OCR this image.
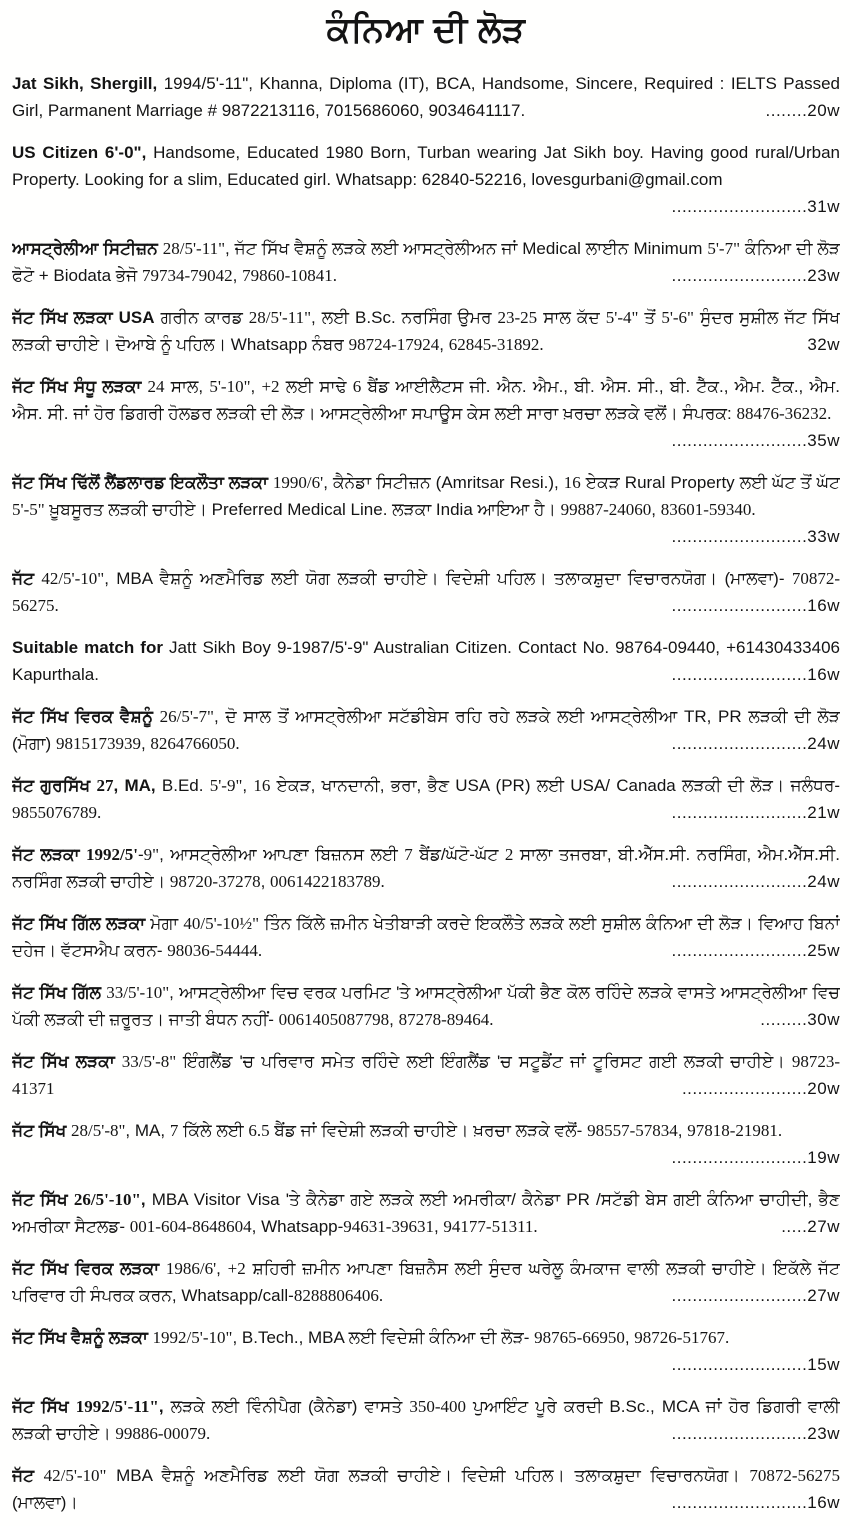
ਕੰਨਿਆ ਦੀ ਲੋੜ
Jat Sikh, Shergill, 1994/5'-11", Khanna, Diploma (IT), BCA, Handsome, Sincere, Required : IELTS Passed Girl, Parmanent Marriage # 9872213116, 7015686060, 9034641117.	........20w
US Citizen 6'-0", Handsome, Educated 1980 Born, Turban wearing Jat Sikh boy. Having good rural/Urban Property. Looking for a slim, Educated girl. Whatsapp: 62840-52216, lovesgurbani@gmail.com
..........................31w
ਆਸਟ੍ਰੇਲੀਆ ਸਿਟੀਜ਼ਨ 28/5'-11", ਜੱਟ ਸਿੱਖ ਵੈਸ਼ਨੂੰ ਲੜਕੇ ਲਈ ਆਸਟ੍ਰੇਲੀਅਨ ਜਾਂ Medical ਲਾਈਨ Minimum 5'-7" ਕੰਨਿਆ ਦੀ ਲੋੜ ਫੋਟੋ + Biodata ਭੇਜੋ 79734-79042, 79860-10841.	..........................23w
ਜੱਟ ਸਿੱਖ ਲੜਕਾ USA ਗਰੀਨ ਕਾਰਡ 28/5'-11", ਲਈ B.Sc. ਨਰਸਿੰਗ ਉਮਰ 23-25 ਸਾਲ ਕੱਦ 5'-4" ਤੋਂ 5'-6" ਸੁੰਦਰ ਸੁਸ਼ੀਲ ਜੱਟ ਸਿੱਖ ਲੜਕੀ ਚਾਹੀਏ। ਦੋਆਬੇ ਨੂੰ ਪਹਿਲ। Whatsapp ਨੰਬਰ 98724-17924, 62845-31892.	32w
ਜੱਟ ਸਿੱਖ ਸੰਧੂ ਲੜਕਾ 24 ਸਾਲ, 5'-10", +2 ਲਈ ਸਾਢੇ 6 ਬੈਂਡ ਆਈਲੈਟਸ ਜੀ. ਐਨ. ਐਮ., ਬੀ. ਐਸ. ਸੀ., ਬੀ. ਟੈੱਕ., ਐਮ. ਟੈੱਕ., ਐਮ. ਐਸ. ਸੀ. ਜਾਂ ਹੋਰ ਡਿਗਰੀ ਹੋਲਡਰ ਲੜਕੀ ਦੀ ਲੋੜ। ਆਸਟ੍ਰੇਲੀਆ ਸਪਾਊਸ ਕੇਸ ਲਈ ਸਾਰਾ ਖ਼ਰਚਾ ਲੜਕੇ ਵਲੋਂ। ਸੰਪਰਕ: 88476-36232.
..........................35w
ਜੱਟ ਸਿੱਖ ਢਿੱਲੋਂ ਲੈਂਡਲਾਰਡ ਇਕਲੌਤਾ ਲੜਕਾ 1990/6', ਕੈਨੇਡਾ ਸਿਟੀਜ਼ਨ (Amritsar Resi.), 16 ਏਕੜ Rural Property ਲਈ ਘੱਟ ਤੋਂ ਘੱਟ 5'-5" ਖ਼ੂਬਸੂਰਤ ਲੜਕੀ ਚਾਹੀਏ। Preferred Medical Line. ਲੜਕਾ India ਆਇਆ ਹੈ। 99887-24060, 83601-59340.
..........................33w
ਜੱਟ 42/5'-10", MBA ਵੈਸ਼ਨੂੰ ਅਣਮੈਰਿਡ ਲਈ ਯੋਗ ਲੜਕੀ ਚਾਹੀਏ। ਵਿਦੇਸ਼ੀ ਪਹਿਲ। ਤਲਾਕਸ਼ੁਦਾ ਵਿਚਾਰਨਯੋਗ। (ਮਾਲਵਾ)- 70872-56275.	..........................16w
Suitable match for Jatt Sikh Boy 9-1987/5'-9" Australian Citizen. Contact No. 98764-09440, +61430433406 Kapurthala.	..........................16w
ਜੱਟ ਸਿੱਖ ਵਿਰਕ ਵੈਸ਼ਨੂੰ 26/5'-7", ਦੋ ਸਾਲ ਤੋਂ ਆਸਟ੍ਰੇਲੀਆ ਸਟੱਡੀਬੇਸ ਰਹਿ ਰਹੇ ਲੜਕੇ ਲਈ ਆਸਟ੍ਰੇਲੀਆ TR, PR ਲੜਕੀ ਦੀ ਲੋੜ (ਮੋਗਾ) 9815173939, 8264766050.	..........................24w
ਜੱਟ ਗੁਰਸਿੱਖ 27, MA, B.Ed. 5'-9", 16 ਏਕੜ, ਖਾਨਦਾਨੀ, ਭਰਾ, ਭੈਣ USA (PR) ਲਈ USA/ Canada ਲੜਕੀ ਦੀ ਲੋੜ। ਜਲੰਧਰ- 9855076789.	..........................21w
ਜੱਟ ਲੜਕਾ 1992/5'-9", ਆਸਟ੍ਰੇਲੀਆ ਆਪਣਾ ਬਿਜ਼ਨਸ ਲਈ 7 ਬੈਂਡ/ਘੱਟੋ-ਘੱਟ 2 ਸਾਲਾ ਤਜਰਬਾ, ਬੀ.ਐੱਸ.ਸੀ. ਨਰਸਿੰਗ, ਐਮ.ਐੱਸ.ਸੀ. ਨਰਸਿੰਗ ਲੜਕੀ ਚਾਹੀਏ। 98720-37278, 0061422183789.	..........................24w
ਜੱਟ ਸਿੱਖ ਗਿੱਲ ਲੜਕਾ ਮੋਗਾ 40/5'-10½" ਤਿੰਨ ਕਿੱਲੇ ਜ਼ਮੀਨ ਖੇਤੀਬਾੜੀ ਕਰਦੇ ਇਕਲੌਤੇ ਲੜਕੇ ਲਈ ਸੁਸ਼ੀਲ ਕੰਨਿਆ ਦੀ ਲੋੜ। ਵਿਆਹ ਬਿਨਾਂ ਦਹੇਜ। ਵੱਟਸਐਪ ਕਰਨ- 98036-54444.	..........................25w
ਜੱਟ ਸਿੱਖ ਗਿੱਲ 33/5'-10", ਆਸਟ੍ਰੇਲੀਆ ਵਿਚ ਵਰਕ ਪਰਮਿਟ 'ਤੇ ਆਸਟ੍ਰੇਲੀਆ ਪੱਕੀ ਭੈਣ ਕੋਲ ਰਹਿੰਦੇ ਲੜਕੇ ਵਾਸਤੇ ਆਸਟ੍ਰੇਲੀਆ ਵਿਚ ਪੱਕੀ ਲੜਕੀ ਦੀ ਜ਼ਰੂਰਤ। ਜਾਤੀ ਬੰਧਨ ਨਹੀਂ- 0061405087798, 87278-89464.	.........30w
ਜੱਟ ਸਿੱਖ ਲੜਕਾ 33/5'-8" ਇੰਗਲੈਂਡ 'ਚ ਪਰਿਵਾਰ ਸਮੇਤ ਰਹਿੰਦੇ ਲਈ ਇੰਗਲੈਂਡ 'ਚ ਸਟੂਡੈਂਟ ਜਾਂ ਟੂਰਿਸਟ ਗਈ ਲੜਕੀ ਚਾਹੀਏ। 98723-41371	........................20w
ਜੱਟ ਸਿੱਖ 28/5'-8", MA, 7 ਕਿੱਲੇ ਲਈ 6.5 ਬੈਂਡ ਜਾਂ ਵਿਦੇਸ਼ੀ ਲੜਕੀ ਚਾਹੀਏ। ਖ਼ਰਚਾ ਲੜਕੇ ਵਲੋਂ- 98557-57834, 97818-21981.
..........................19w
ਜੱਟ ਸਿੱਖ 26/5'-10", MBA Visitor Visa 'ਤੇ ਕੈਨੇਡਾ ਗਏ ਲੜਕੇ ਲਈ ਅਮਰੀਕਾ/ ਕੈਨੇਡਾ PR /ਸਟੱਡੀ ਬੇਸ ਗਈ ਕੰਨਿਆ ਚਾਹੀਦੀ, ਭੈਣ ਅਮਰੀਕਾ ਸੈਟਲਡ- 001-604-8648604, Whatsapp-94631-39631, 94177-51311.	.....27w
ਜੱਟ ਸਿੱਖ ਵਿਰਕ ਲੜਕਾ 1986/6', +2 ਸ਼ਹਿਰੀ ਜ਼ਮੀਨ ਆਪਣਾ ਬਿਜ਼ਨੈਸ ਲਈ ਸੁੰਦਰ ਘਰੇਲੂ ਕੰਮਕਾਜ ਵਾਲੀ ਲੜਕੀ ਚਾਹੀਏ। ਇਕੱਲੇ ਜੱਟ ਪਰਿਵਾਰ ਹੀ ਸੰਪਰਕ ਕਰਨ, Whatsapp/call-8288806406.	..........................27w
ਜੱਟ ਸਿੱਖ ਵੈਸ਼ਨੂੰ ਲੜਕਾ 1992/5'-10", B.Tech., MBA ਲਈ ਵਿਦੇਸ਼ੀ ਕੰਨਿਆ ਦੀ ਲੋੜ- 98765-66950, 98726-51767.
..........................15w
ਜੱਟ ਸਿੱਖ 1992/5'-11", ਲੜਕੇ ਲਈ ਵਿੰਨੀਪੈਗ (ਕੈਨੇਡਾ) ਵਾਸਤੇ 350-400 ਪੁਆਇੰਟ ਪੂਰੇ ਕਰਦੀ B.Sc., MCA ਜਾਂ ਹੋਰ ਡਿਗਰੀ ਵਾਲੀ ਲੜਕੀ ਚਾਹੀਏ। 99886-00079.	..........................23w
ਜੱਟ 42/5'-10" MBA ਵੈਸ਼ਨੂੰ ਅਣਮੈਰਿਡ ਲਈ ਯੋਗ ਲੜਕੀ ਚਾਹੀਏ। ਵਿਦੇਸ਼ੀ ਪਹਿਲ। ਤਲਾਕਸ਼ੁਦਾ ਵਿਚਾਰਨਯੋਗ। 70872-56275 (ਮਾਲਵਾ)।	..........................16w
